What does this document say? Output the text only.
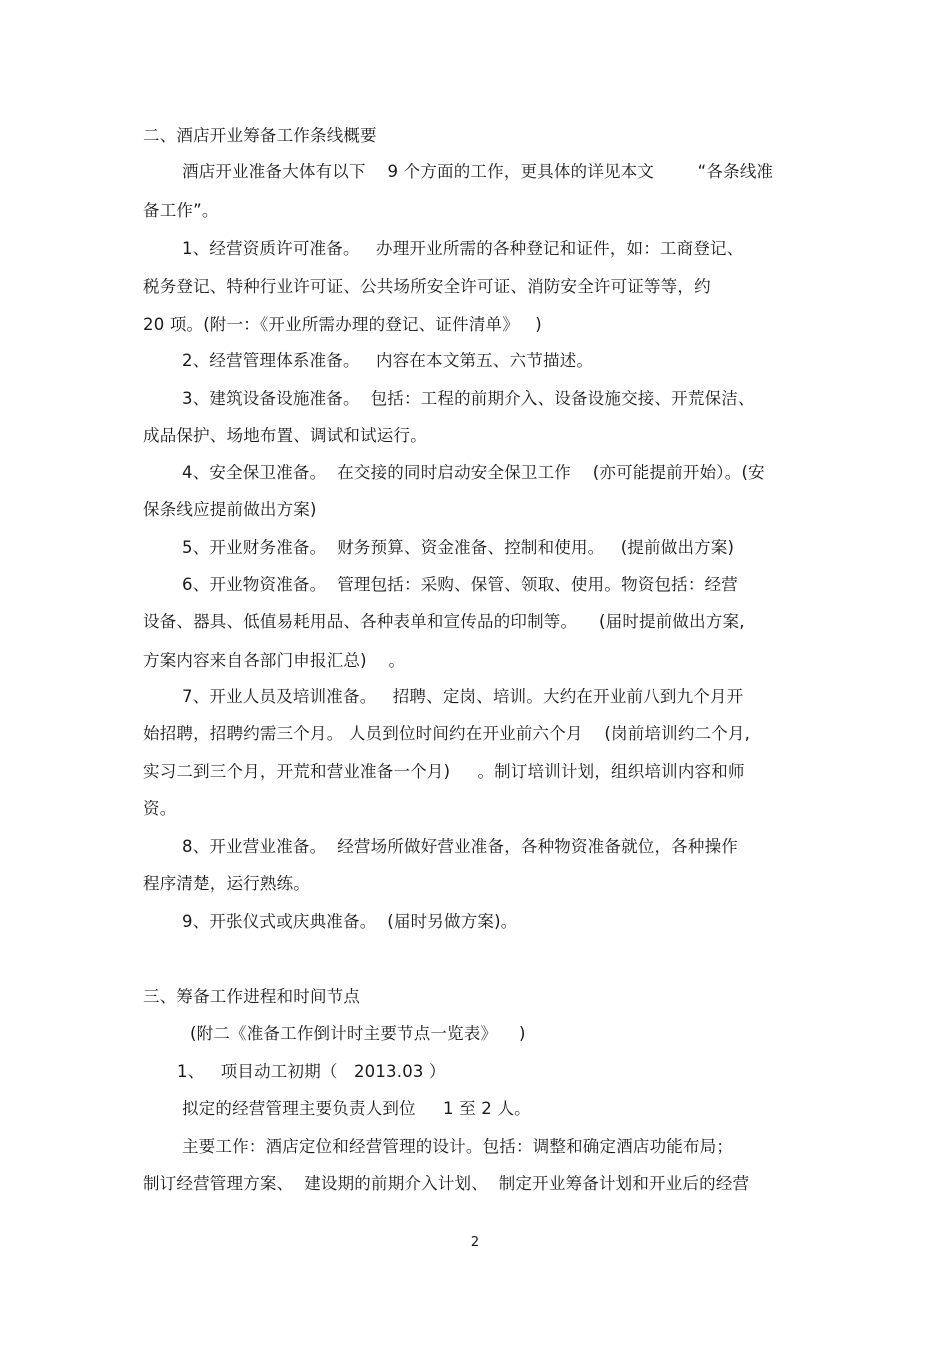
二、酒店开业筹备工作条线概要
酒店开业准备大体有以下    9 个方面的工作，更具体的详见本文        “各条线准
备工作”。
1、经营资质许可准备。   办理开业所需的各种登记和证件，如：工商登记、
税务登记、特种行业许可证、公共场所安全许可证、消防安全许可证等等，约
20 项。(附一：《开业所需办理的登记、证件清单》   )
2、经营管理体系准备。   内容在本文第五、六节描述。
3、建筑设备设施准备。  包括：工程的前期介入、设备设施交接、开荒保洁、
成品保护、场地布置、调试和试运行。
4、安全保卫准备。  在交接的同时启动安全保卫工作    (亦可能提前开始）。(安
保条线应提前做出方案)
5、开业财务准备。  财务预算、资金准备、控制和使用。   (提前做出方案)
6、开业物资准备。  管理包括：采购、保管、领取、使用。物资包括：经营
设备、器具、低值易耗用品、各种表单和宣传品的印制等。    (届时提前做出方案,
方案内容来自各部门申报汇总)    。
7、开业人员及培训准备。   招聘、定岗、培训。大约在开业前八到九个月开
始招聘，招聘约需三个月。 人员到位时间约在开业前六个月    (岗前培训约二个月,
实习二到三个月，开荒和营业准备一个月)     。制订培训计划，组织培训内容和师
资。
8、开业营业准备。  经营场所做好营业准备，各种物资准备就位，各种操作
程序清楚，运行熟练。
9、开张仪式或庆典准备。  (届时另做方案)。
三、筹备工作进程和时间节点
(附二《准备工作倒计时主要节点一览表》    )
1、   项目动工初期（   2013.03 ）
拟定的经营管理主要负责人到位     1 至 2 人。
主要工作：酒店定位和经营管理的设计。包括：调整和确定酒店功能布局；
制订经营管理方案、  建设期的前期介入计划、  制定开业筹备计划和开业后的经营
2
